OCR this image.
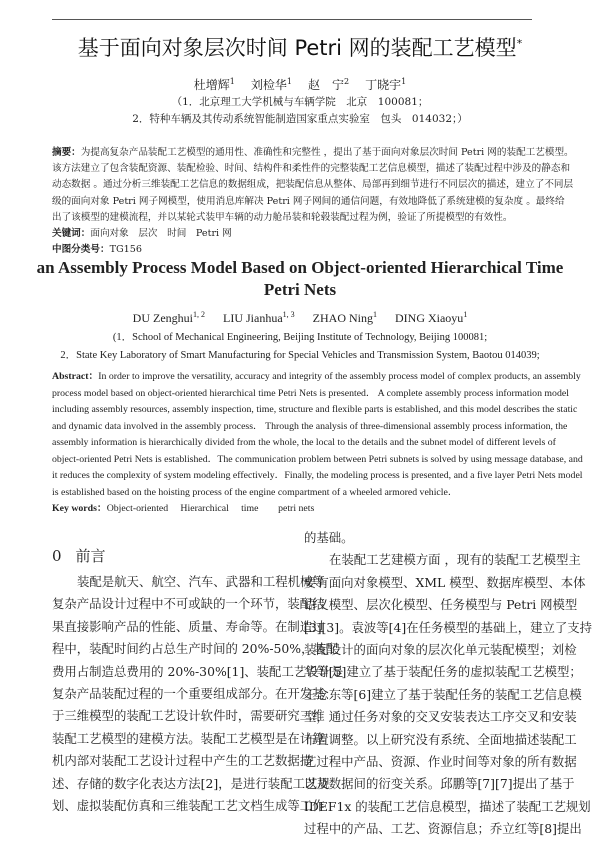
基于面向对象层次时间 Petri 网的装配工艺模型*
杜增辉$^1$ 刘检华$^1$ 赵　宁$^2$ 丁晓宇$^1$
（1．北京理工大学机械与车辆学院　北京　100081；
2．特种车辆及其传动系统智能制造国家重点实验室　包头　014032；）
摘要：为提高复杂产品装配工艺模型的通用性、准确性和完整性 ，提出了基于面向对象层次时间 Petri 网的装配工艺模型。
该方法建立了包含装配资源、装配检验、时间、结构件和柔性件的完整装配工艺信息模型，描述了装配过程中涉及的静态和
动态数据 。通过分析三维装配工艺信息的数据组成，把装配信息从整体、局部再到细节进行不同层次的描述，建立了不同层
级的面向对象 Petri 网子网模型，使用消息库解决 Petri 网子网间的通信问题，有效地降低了系统建模的复杂度 。最终给
出了该模型的建模流程，并以某轮式装甲车辆的动力舱吊装和轮毂装配过程为例，验证了所提模型的有效性。
关键词：面向对象　层次　时间　Petri 网
中图分类号：TG156
an Assembly Process Model Based on Object-oriented Hierarchical Time
Petri Nets
DU Zenghui$^{1, 2}$ LIU Jianhua$^{1, 3}$ ZHAO Ning$^1$ DING Xiaoyu$^1$
(1．School of Mechanical Engineering, Beijing Institute of Technology, Beijing 100081;
2．State Key Laboratory of Smart Manufacturing for Special Vehicles and Transmission System, Baotou 014039;
Abstract：In order to improve the versatility, accuracy and integrity of the assembly process model of complex products, an assembly
process model based on object-oriented hierarchical time Petri Nets is presented． A complete assembly process information model
including assembly resources, assembly inspection, time, structure and flexible parts is established, and this model describes the static
and dynamic data involved in the assembly process． Through the analysis of three-dimensional assembly process information, the
assembly information is hierarchically divided from the whole, the local to the details and the subnet model of different levels of
object-oriented Petri Nets is established．The communication problem between Petri subnets is solved by using message database, and
it reduces the complexity of system modeling effectively．Finally, the modeling process is presented, and a five layer Petri Nets model
is established based on the hoisting process of the engine compartment of a wheeled armored vehicle．
Key words：Object-oriented　 Hierarchical　 time　　petri nets
0 前言
装配是航天、航空、汽车、武器和工程机械等
复杂产品设计过程中不可或缺的一个环节，装配结
果直接影响产品的性能、质量、寿命等。在制造过
程中，装配时间约占总生产时间的 20%-50%，装配
费用占制造总费用的 20%-30%[1]、装配工艺设计是
复杂产品装配过程的一个重要组成部分。在开发基
于三维模型的装配工艺设计软件时，需要研究三维
装配工艺模型的建模方法。装配工艺模型是在计算
机内部对装配工艺设计过程中产生的工艺数据描
述、存储的数字化表达方法[2]，是进行装配工艺规
划、虚拟装配仿真和三维装配工艺文档生成等工作
的基础。
在装配工艺建模方面 ，现有的装配工艺模型主
要有面向对象模型、XML 模型、数据库模型、本体
语义模型、层次化模型、任务模型与 Petri 网模型
[3][3]。袁波等[4]在任务模型的基础上，建立了支持
装配设计的面向对象的层次化单元装配模型；刘检
华等[5]建立了基于装配任务的虚拟装配工艺模型；
王念东等[6]建立了基于装配任务的装配工艺信息模
型，通过任务对象的交叉安装表达工序交叉和安装
布置调整。以上研究没有系统、全面地描述装配工
艺过程中产品、资源、作业时间等对象的所有数据
以及数据间的衍变关系。邱鹏等[7][7]提出了基于
IDEF1x 的装配工艺信息模型，描述了装配工艺规划
过程中的产品、工艺、资源信息；乔立红等[8]提出
